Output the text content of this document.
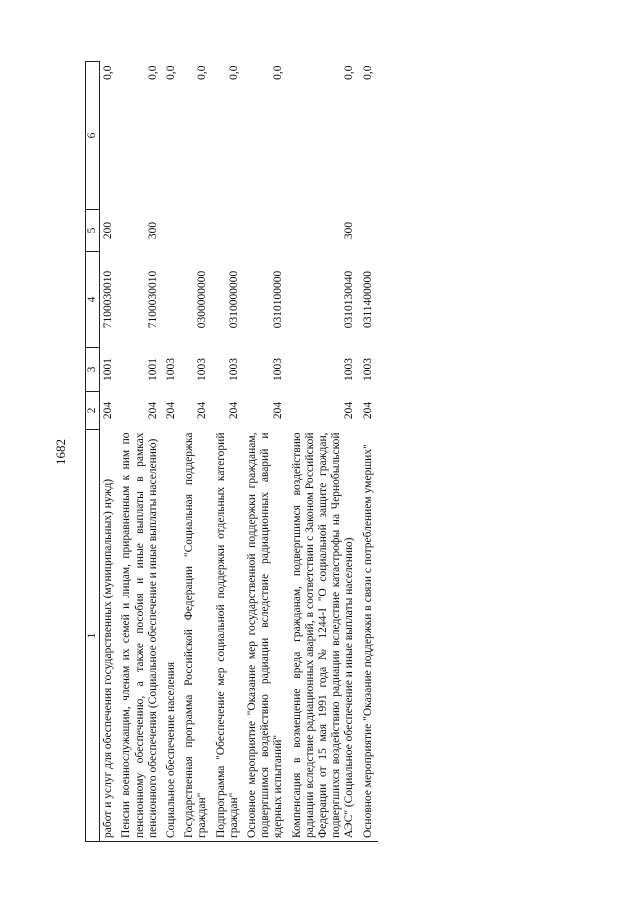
1682
1	2	3	4	5	6
работ и услуг для обеспечения государственных (муниципальных) нужд)	204	1001	7100030010	200	0,0
Пенсии военнослужащим, членам их семей и лицам, приравненным к ним по пенсионному обеспечению, а также пособия и иные выплаты в рамках пенсионного обеспечения (Социальное обеспечение и иные выплаты населению)	204	1001	7100030010	300	0,0
Социальное обеспечение населения	204	1003			0,0
Государственная программа Российской Федерации "Социальная поддержка граждан"	204	1003	0300000000		0,0
Подпрограмма "Обеспечение мер социальной поддержки отдельных категорий граждан"	204	1003	0310000000		0,0
Основное мероприятие "Оказание мер государственной поддержки гражданам, подвергшимся воздействию радиации вследствие радиационных аварий и ядерных испытаний"	204	1003	0310100000		0,0
Компенсация в возмещение вреда гражданам, подвергшимся воздействию радиации вследствие радиационных аварий, в соответствии с Законом Российской Федерации от 15 мая 1991 года № 1244-I "О социальной защите граждан, подвергшихся воздействию радиации вследствие катастрофы на Чернобыльской АЭС" (Социальное обеспечение и иные выплаты населению)	204	1003	0310130040	300	0,0
Основное мероприятие "Оказание поддержки в связи с потреблением умерших"	204	1003	0311400000		0,0
